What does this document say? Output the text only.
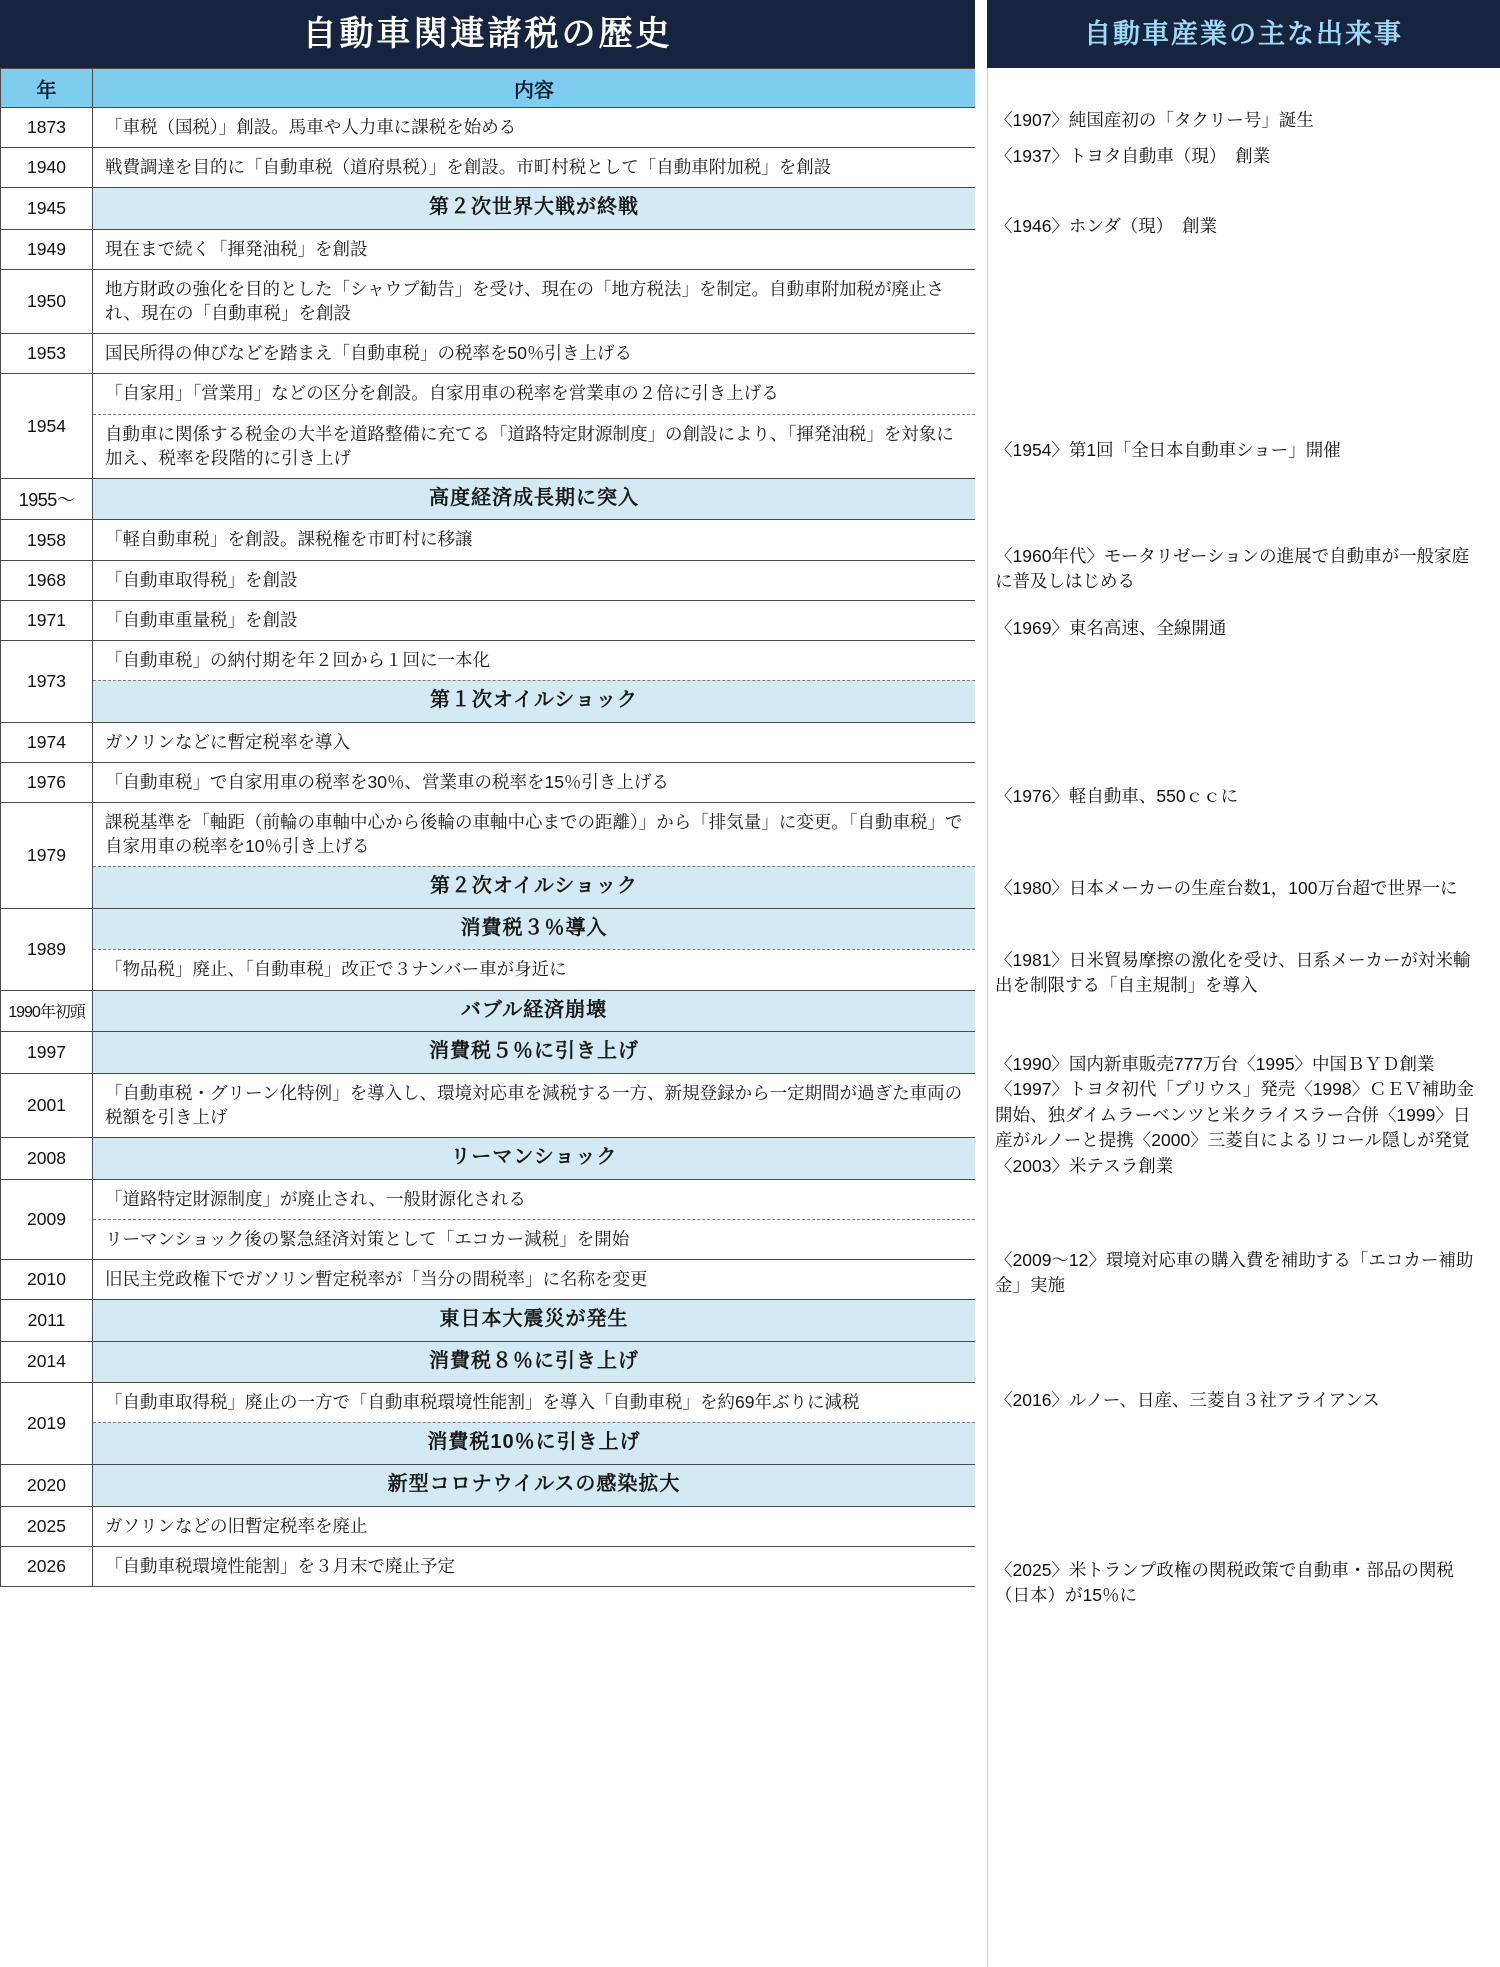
自動車関連諸税の歴史
年	内容
1873	「車税（国税）」創設。馬車や人力車に課税を始める
1940	戦費調達を目的に「自動車税（道府県税）」を創設。市町村税として「自動車附加税」を創設
1945	第２次世界大戦が終戦
1949	現在まで続く「揮発油税」を創設
1950	地方財政の強化を目的とした「シャウプ勧告」を受け、現在の「地方税法」を制定。自動車附加税が廃止され、現在の「自動車税」を創設
1953	国民所得の伸びなどを踏まえ「自動車税」の税率を50％引き上げる
1954	「自家用」「営業用」などの区分を創設。自家用車の税率を営業車の２倍に引き上げる
自動車に関係する税金の大半を道路整備に充てる「道路特定財源制度」の創設により、「揮発油税」を対象に加え、税率を段階的に引き上げ

1955〜	高度経済成長期に突入
1958	「軽自動車税」を創設。課税権を市町村に移譲
1968	「自動車取得税」を創設
1971	「自動車重量税」を創設
1973	「自動車税」の納付期を年２回から１回に一本化
第１次オイルショック

1974	ガソリンなどに暫定税率を導入
1976	「自動車税」で自家用車の税率を30％、営業車の税率を15％引き上げる
1979	課税基準を「軸距（前輪の車軸中心から後輪の車軸中心までの距離）」から「排気量」に変更。「自動車税」で自家用車の税率を10％引き上げる
第２次オイルショック

1989	消費税３％導入
「物品税」廃止、「自動車税」改正で３ナンバー車が身近に

1990年初頭	バブル経済崩壊
1997	消費税５％に引き上げ
2001	「自動車税・グリーン化特例」を導入し、環境対応車を減税する一方、新規登録から一定期間が過ぎた車両の税額を引き上げ
2008	リーマンショック
2009	「道路特定財源制度」が廃止され、一般財源化される
リーマンショック後の緊急経済対策として「エコカー減税」を開始

2010	旧民主党政権下でガソリン暫定税率が「当分の間税率」に名称を変更
2011	東日本大震災が発生
2014	消費税８％に引き上げ
2019	「自動車取得税」廃止の一方で「自動車税環境性能割」を導入「自動車税」を約69年ぶりに減税
消費税10％に引き上げ

2020	新型コロナウイルスの感染拡大
2025	ガソリンなどの旧暫定税率を廃止
2026	「自動車税環境性能割」を３月末で廃止予定
自動車産業の主な出来事
〈1907〉純国産初の「タクリー号」誕生
〈1937〉トヨタ自動車（現）　創業
〈1946〉ホンダ（現）　創業
〈1954〉第1回「全日本自動車ショー」開催
〈1960年代〉モータリゼーションの進展で自動車が一般家庭に普及しはじめる
〈1969〉東名高速、全線開通
〈1976〉軽自動車、550ｃｃに
〈1980〉日本メーカーの生産台数1，100万台超で世界一に
〈1981〉日米貿易摩擦の激化を受け、日系メーカーが対米輸出を制限する「自主規制」を導入
〈1990〉国内新車販売777万台〈1995〉中国ＢＹＤ創業〈1997〉トヨタ初代「プリウス」発売〈1998〉ＣＥＶ補助金開始、独ダイムラーベンツと米クライスラー合併〈1999〉日産がルノーと提携〈2000〉三菱自によるリコール隠しが発覚〈2003〉米テスラ創業
〈2009〜12〉環境対応車の購入費を補助する「エコカー補助金」実施
〈2016〉ルノー、日産、三菱自３社アライアンス
〈2025〉米トランプ政権の関税政策で自動車・部品の関税（日本）が15％に
